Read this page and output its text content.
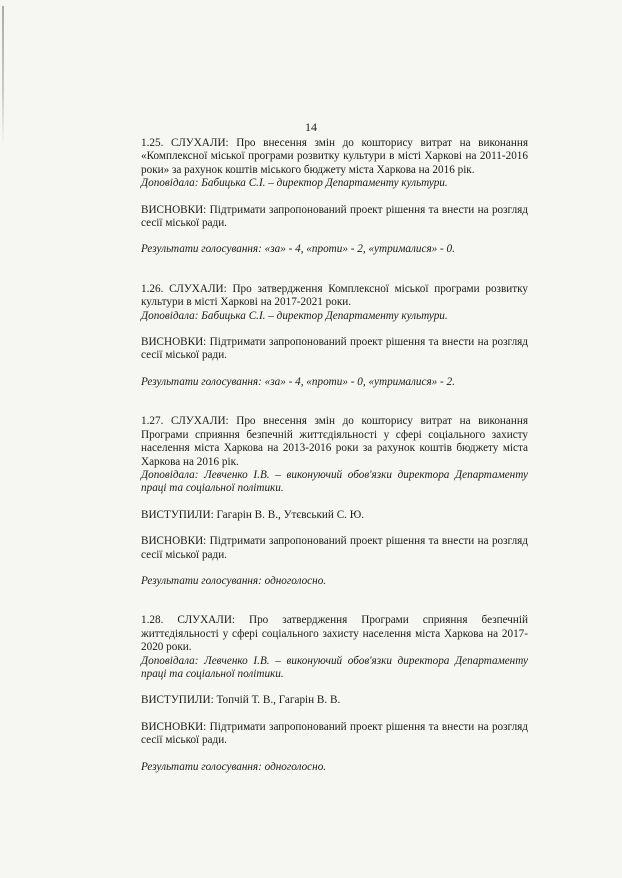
14

1.25. СЛУХАЛИ: Про внесення змін до кошторису витрат на виконання «Комплексної міської програми розвитку культури в місті Харкові на 2011-2016 роки» за рахунок коштів міського бюджету міста Харкова на 2016 рік.

Доповідала: Бабицька С.І. – директор Департаменту культури.

ВИСНОВКИ: Підтримати запропонований проект рішення та внести на розгляд сесії міської ради.

Результати голосування: «за» - 4, «проти» - 2, «утрималися» - 0.

1.26. СЛУХАЛИ: Про затвердження Комплексної міської програми розвитку культури в місті Харкові на 2017-2021 роки.

Доповідала: Бабицька С.І. – директор Департаменту культури.

ВИСНОВКИ: Підтримати запропонований проект рішення та внести на розгляд сесії міської ради.

Результати голосування: «за» - 4, «проти» - 0, «утрималися» - 2.

1.27. СЛУХАЛИ: Про внесення змін до кошторису витрат на виконання Програми сприяння безпечній життєдіяльності у сфері соціального захисту населення міста Харкова на 2013-2016 роки за рахунок коштів бюджету міста Харкова на 2016 рік.

Доповідала: Левченко І.В. – виконуючий обов'язки директора Департаменту праці та соціальної політики.

ВИСТУПИЛИ: Гагарін В. В., Утєвський С. Ю.

ВИСНОВКИ: Підтримати запропонований проект рішення та внести на розгляд сесії міської ради.

Результати голосування: одноголосно.

1.28. СЛУХАЛИ: Про затвердження Програми сприяння безпечній життєдіяльності у сфері соціального захисту населення міста Харкова на 2017-2020 роки.

Доповідала: Левченко І.В. – виконуючий обов'язки директора Департаменту праці та соціальної політики.

ВИСТУПИЛИ: Топчій Т. В., Гагарін В. В.

ВИСНОВКИ: Підтримати запропонований проект рішення та внести на розгляд сесії міської ради.

Результати голосування: одноголосно.
